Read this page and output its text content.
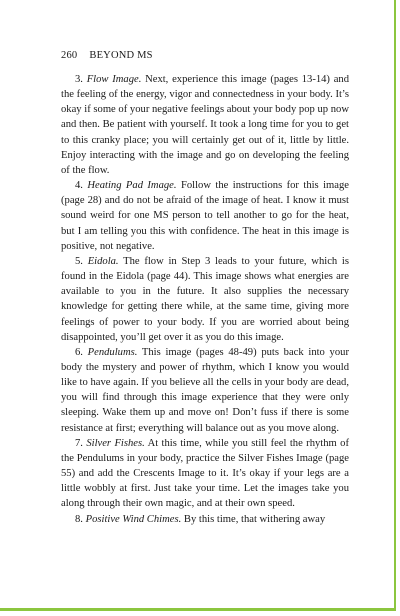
260 BEYOND MS

3. Flow Image. Next, experience this image (pages 13-14) and the feeling of the energy, vigor and connectedness in your body. It’s okay if some of your negative feelings about your body pop up now and then. Be patient with yourself. It took a long time for you to get to this cranky place; you will certainly get out of it, little by little. Enjoy interacting with the image and go on developing the feeling of the flow.

4. Heating Pad Image. Follow the instructions for this image (page 28) and do not be afraid of the image of heat. I know it must sound weird for one MS person to tell another to go for the heat, but I am telling you this with confidence. The heat in this image is positive, not negative.

5. Eidola. The flow in Step 3 leads to your future, which is found in the Eidola (page 44). This image shows what energies are available to you in the future. It also supplies the necessary knowledge for getting there while, at the same time, giving more feelings of power to your body. If you are worried about being disappointed, you’ll get over it as you do this image.

6. Pendulums. This image (pages 48-49) puts back into your body the mystery and power of rhythm, which I know you would like to have again. If you believe all the cells in your body are dead, you will find through this image experience that they were only sleeping. Wake them up and move on! Don’t fuss if there is some resistance at first; everything will balance out as you move along.

7. Silver Fishes. At this time, while you still feel the rhythm of the Pendulums in your body, practice the Silver Fishes Image (page 55) and add the Crescents Image to it. It’s okay if your legs are a little wobbly at first. Just take your time. Let the images take you along through their own magic, and at their own speed.

8. Positive Wind Chimes. By this time, that withering away
